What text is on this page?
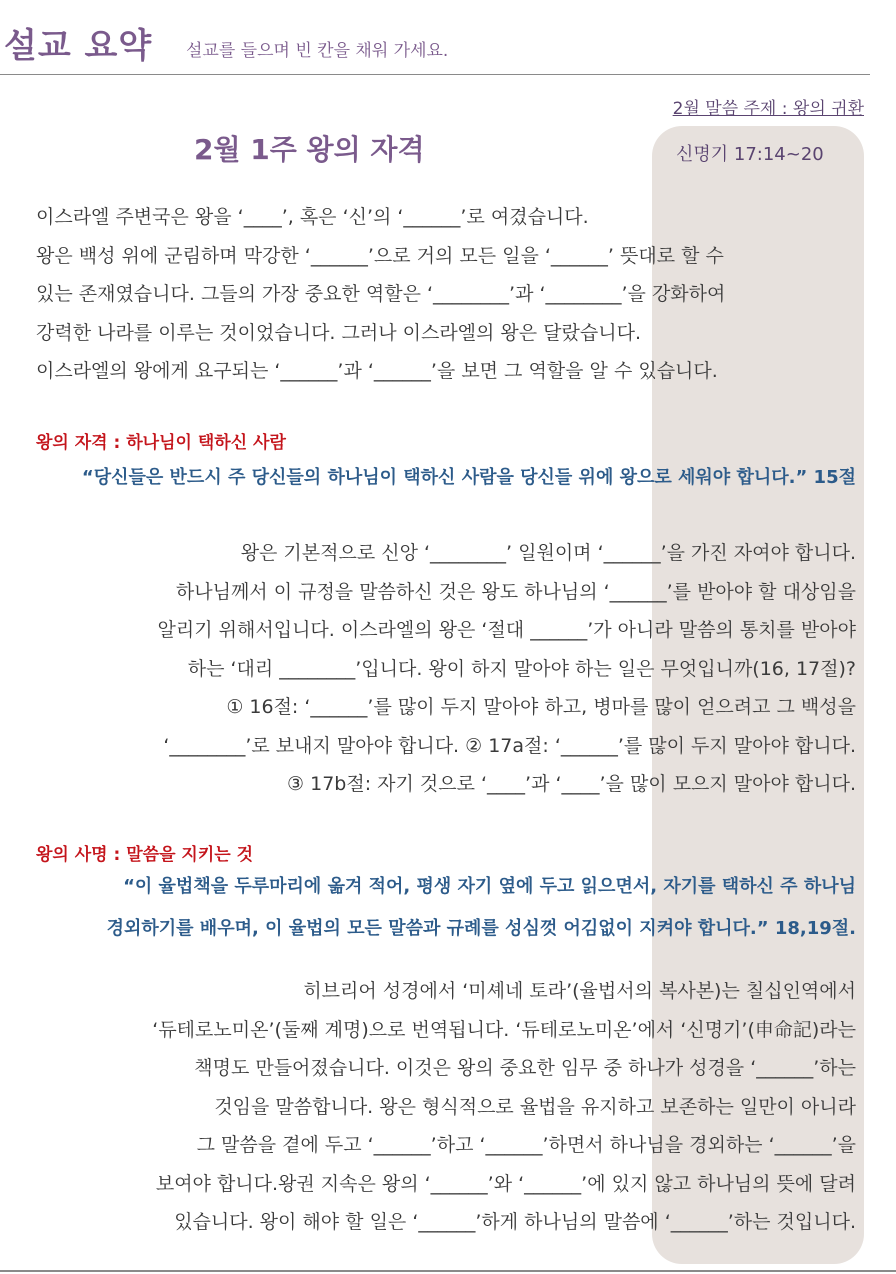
설교 요약 설교를 들으며 빈 칸을 채워 가세요.
2월 말씀 주제 : 왕의 귀환
2월 1주 왕의 자격	신명기 17:14~20
이스라엘 주변국은 왕을 ‘____’, 혹은 ‘신’의 ‘______’로 여겼습니다.
왕은 백성 위에 군림하며 막강한 ‘______’으로 거의 모든 일을 ‘______’ 뜻대로 할 수
있는 존재였습니다. 그들의 가장 중요한 역할은 ‘________’과 ‘________’을 강화하여
강력한 나라를 이루는 것이었습니다. 그러나 이스라엘의 왕은 달랐습니다.
이스라엘의 왕에게 요구되는 ‘______’과 ‘______’을 보면 그 역할을 알 수 있습니다.
왕의 자격 : 하나님이 택하신 사람
“당신들은 반드시 주 당신들의 하나님이 택하신 사람을 당신들 위에 왕으로 세워야 합니다.” 15절
왕은 기본적으로 신앙 ‘________’ 일원이며 ‘______’을 가진 자여야 합니다.
하나님께서 이 규정을 말씀하신 것은 왕도 하나님의 ‘______’를 받아야 할 대상임을
알리기 위해서입니다. 이스라엘의 왕은 ‘절대 ______’가 아니라 말씀의 통치를 받아야
하는 ‘대리 ________’입니다. 왕이 하지 말아야 하는 일은 무엇입니까(16, 17절)?
① 16절: ‘______’를 많이 두지 말아야 하고, 병마를 많이 얻으려고 그 백성을
‘________’로 보내지 말아야 합니다. ② 17a절: ‘______’를 많이 두지 말아야 합니다.
③ 17b절: 자기 것으로 ‘____’과 ‘____’을 많이 모으지 말아야 합니다.
왕의 사명 : 말씀을 지키는 것
“이 율법책을 두루마리에 옮겨 적어, 평생 자기 옆에 두고 읽으면서, 자기를 택하신 주 하나님
경외하기를 배우며, 이 율법의 모든 말씀과 규례를 성심껏 어김없이 지켜야 합니다.” 18,19절.
히브리어 성경에서 ‘미셰네 토라’(율법서의 복사본)는 칠십인역에서
‘듀테로노미온’(둘째 계명)으로 번역됩니다. ‘듀테로노미온’에서 ‘신명기’(申命記)라는
책명도 만들어졌습니다. 이것은 왕의 중요한 임무 중 하나가 성경을 ‘______’하는
것임을 말씀합니다. 왕은 형식적으로 율법을 유지하고 보존하는 일만이 아니라
그 말씀을 곁에 두고 ‘______’하고 ‘______’하면서 하나님을 경외하는 ‘______’을
보여야 합니다.왕권 지속은 왕의 ‘______’와 ‘______’에 있지 않고 하나님의 뜻에 달려
있습니다. 왕이 해야 할 일은 ‘______’하게 하나님의 말씀에 ‘______’하는 것입니다.
